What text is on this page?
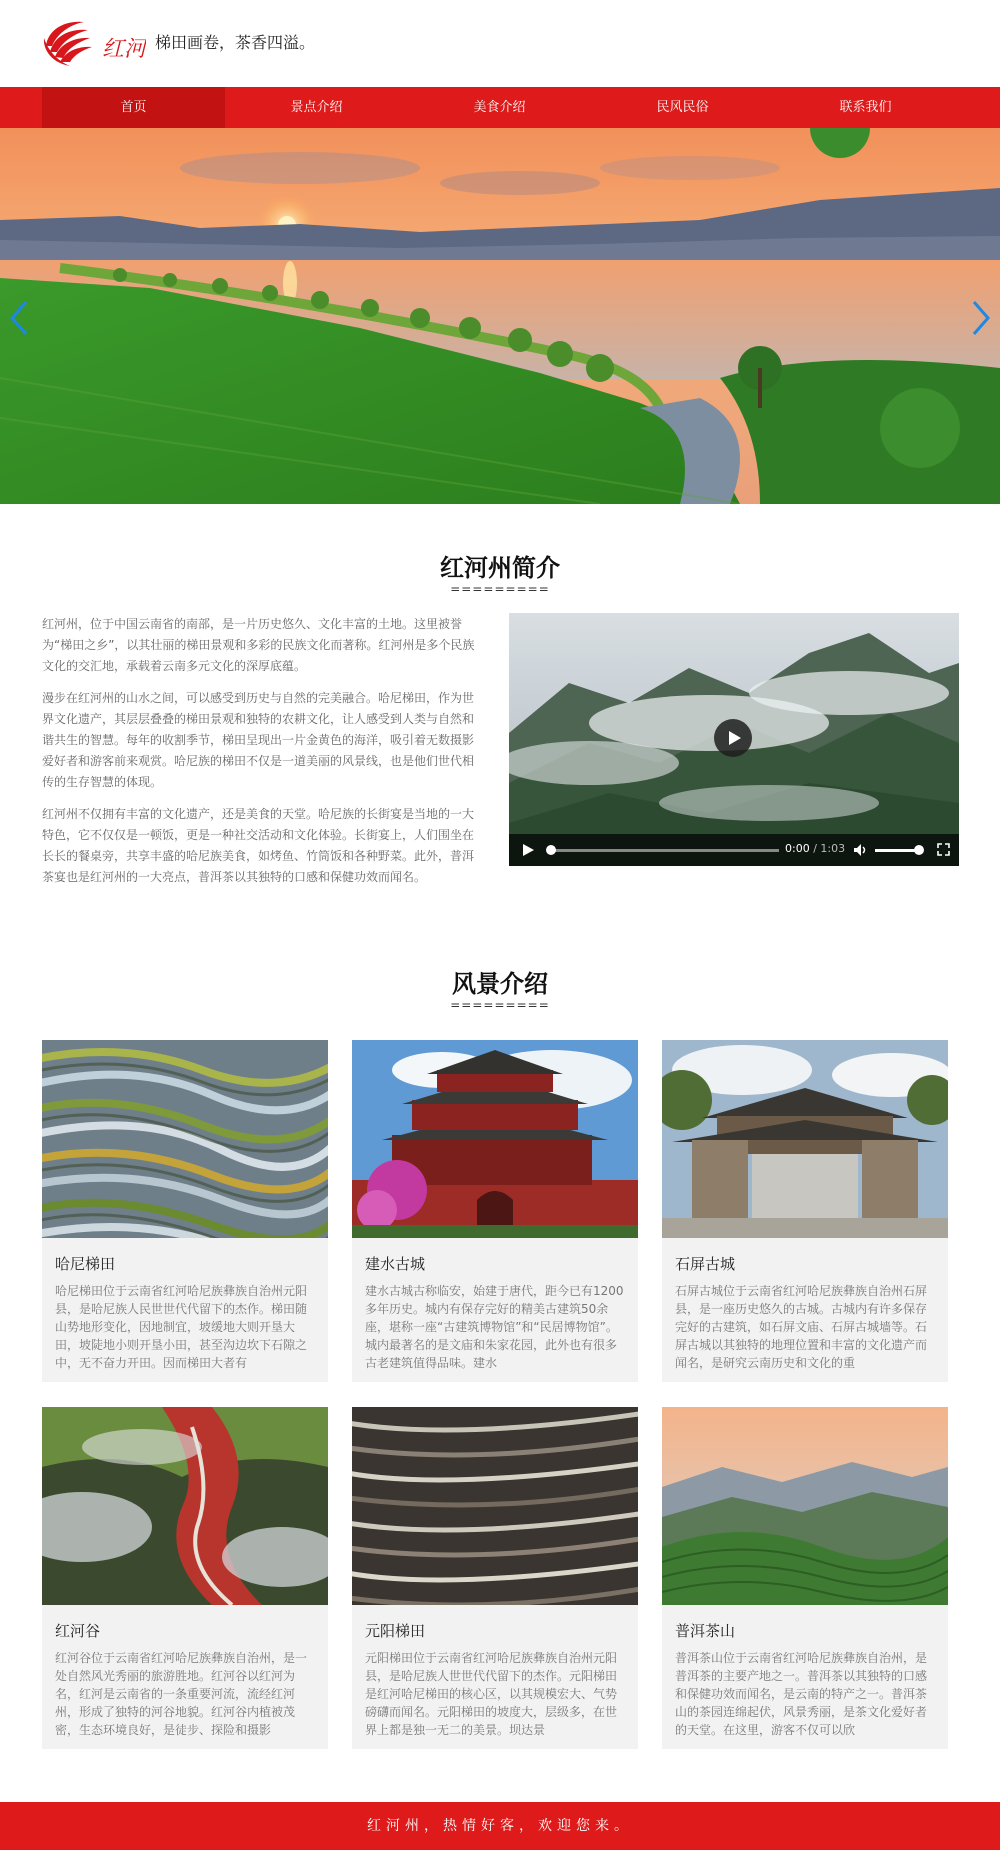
红河 梯田画卷，茶香四溢。
首页	景点介绍	美食介绍	民风民俗	联系我们
红河州简介
=========

红河州，位于中国云南省的南部，是一片历史悠久、文化丰富的土地。这里被誉为“梯田之乡”，以其壮丽的梯田景观和多彩的民族文化而著称。红河州是多个民族文化的交汇地，承载着云南多元文化的深厚底蕴。

漫步在红河州的山水之间，可以感受到历史与自然的完美融合。哈尼梯田，作为世界文化遗产，其层层叠叠的梯田景观和独特的农耕文化，让人感受到人类与自然和谐共生的智慧。每年的收割季节，梯田呈现出一片金黄色的海洋，吸引着无数摄影爱好者和游客前来观赏。哈尼族的梯田不仅是一道美丽的风景线，也是他们世代相传的生存智慧的体现。

红河州不仅拥有丰富的文化遗产，还是美食的天堂。哈尼族的长街宴是当地的一大特色，它不仅仅是一顿饭，更是一种社交活动和文化体验。长街宴上，人们围坐在长长的餐桌旁，共享丰盛的哈尼族美食，如烤鱼、竹筒饭和各种野菜。此外，普洱茶宴也是红河州的一大亮点，普洱茶以其独特的口感和保健功效而闻名。

0:00 / 1:03
风景介绍
=========
哈尼梯田

哈尼梯田位于云南省红河哈尼族彝族自治州元阳县，是哈尼族人民世世代代留下的杰作。梯田随山势地形变化，因地制宜，坡缓地大则开垦大田，坡陡地小则开垦小田，甚至沟边坎下石隙之中，无不奋力开田。因而梯田大者有

建水古城

建水古城古称临安，始建于唐代，距今已有1200多年历史。城内有保存完好的精美古建筑50余座，堪称一座“古建筑博物馆”和“民居博物馆”。城内最著名的是文庙和朱家花园，此外也有很多古老建筑值得品味。建水

石屏古城

石屏古城位于云南省红河哈尼族彝族自治州石屏县，是一座历史悠久的古城。古城内有许多保存完好的古建筑，如石屏文庙、石屏古城墙等。石屏古城以其独特的地理位置和丰富的文化遗产而闻名，是研究云南历史和文化的重

红河谷

红河谷位于云南省红河哈尼族彝族自治州，是一处自然风光秀丽的旅游胜地。红河谷以红河为名，红河是云南省的一条重要河流，流经红河州，形成了独特的河谷地貌。红河谷内植被茂密，生态环境良好，是徒步、探险和摄影

元阳梯田

元阳梯田位于云南省红河哈尼族彝族自治州元阳县，是哈尼族人世世代代留下的杰作。元阳梯田是红河哈尼梯田的核心区，以其规模宏大、气势磅礴而闻名。元阳梯田的坡度大，层级多，在世界上都是独一无二的美景。坝达景

普洱茶山

普洱茶山位于云南省红河哈尼族彝族自治州，是普洱茶的主要产地之一。普洱茶以其独特的口感和保健功效而闻名，是云南的特产之一。普洱茶山的茶园连绵起伏，风景秀丽，是茶文化爱好者的天堂。在这里，游客不仅可以欣

红河州，热情好客，欢迎您来。
